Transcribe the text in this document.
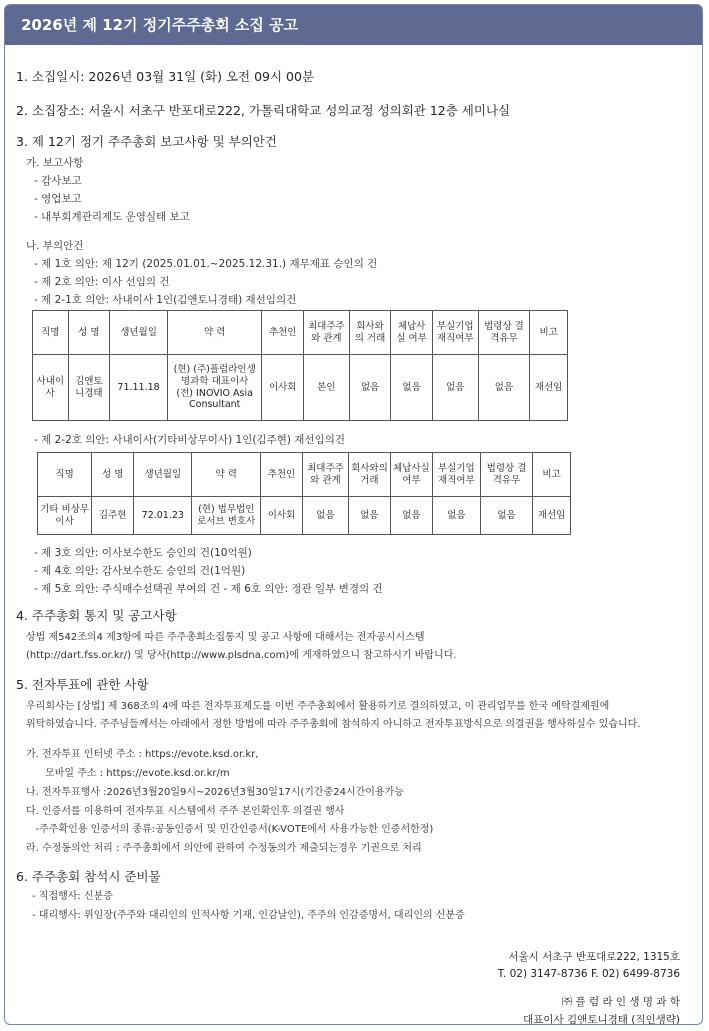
2026년 제 12기 정기주주총회 소집 공고
1. 소집일시: 2026년 03월 31일 (화) 오전 09시 00분
2. 소집장소: 서울시 서초구 반포대로222, 가톨릭대학교 성의교정 성의회관 12층 세미나실
3. 제 12기 정기 주주총회 보고사항 및 부의안건
가. 보고사항
- 감사보고
- 영업보고
- 내부회계관리제도 운영실태 보고
나. 부의안건
- 제 1호 의안: 제 12기 (2025.01.01.~2025.12.31.) 재무제표 승인의 건
- 제 2호 의안: 이사 선임의 건
- 제 2-1호 의안: 사내이사 1인(김앤토니경태) 재선임의건
직명	성 명	생년월일	약 력	추천인	최대주주와 관계	회사와의 거래	체납사실 여부	부실기업 재직여부	법령상 결격유무	비고
사내이사	김앤토니경태	71.11.18	(현) (주)플럼라인생명과학 대표이사
(전) INOVIO Asia Consultant	이사회	본인	없음	없음	없음	없음	재선임
- 제 2-2호 의안: 사내이사(기타비상무이사) 1인(김주현) 재선임의건
직명	성 명	생년월일	약 력	추천인	최대주주와 관계	회사와의 거래	체납사실 여부	부실기업 재직여부	법령상 결격유무	비고
기타 비상무 이사	김주현	72.01.23	(현) 법무법인 로서브 변호사	이사회	없음	없음	없음	없음	없음	재선임
- 제 3호 의안: 이사보수한도 승인의 건(10억원)
- 제 4호 의안: 감사보수한도 승인의 건(1억원)
- 제 5호 의안: 주식매수선택권 부여의 건 - 제 6호 의안: 정관 일부 변경의 건
4. 주주총회 통지 및 공고사항
상법 제542조의4 제3항에 따른 주주총회소집통지 및 공고 사항에 대해서는 전자공시시스템
(http://dart.fss.or.kr/) 및 당사(http://www.plsdna.com)에 게재하였으니 참고하시기 바랍니다.
5. 전자투표에 관한 사항
우리회사는 [상법] 제 368조의 4에 따른 전자투표제도를 이번 주주총회에서 활용하기로 결의하였고, 이 관리업무를 한국 예탁결제원에
위탁하였습니다. 주주님들께서는 아래에서 정한 방법에 따라 주주총회에 참석하지 아니하고 전자투표방식으로 의결권을 행사하실수 있습니다.
가. 전자투표 인터넷 주소 : https://evote.ksd.or.kr,
모바일 주소 : https://evote.ksd.or.kr/m
나. 전자투표행사 :2026년3월20일9시~2026년3월30일17시(기간중24시간이용가능
다. 인증서를 이용하여 전자투표 시스템에서 주주 본인확인후 의결권 행사
-주주확인용 인증서의 종류:공동인증서 및 민간인증서(K-VOTE에서 사용가능한 인증서한정)
라. 수정동의안 처리 : 주주총회에서 의안에 관하여 수정동의가 제출되는경우 기권으로 처리
6. 주주총회 참석시 준비물
- 직접행사: 신분증
- 대리행사: 위임장(주주와 대리인의 인적사항 기재, 인감날인), 주주의 인감증명서, 대리인의 신분증
서울시 서초구 반포대로222, 1315호
T. 02) 3147-8736 F. 02) 6499-8736
㈜ 플 럼 라 인 생 명 과 학
대표이사 김앤토니경태 (직인생략)
